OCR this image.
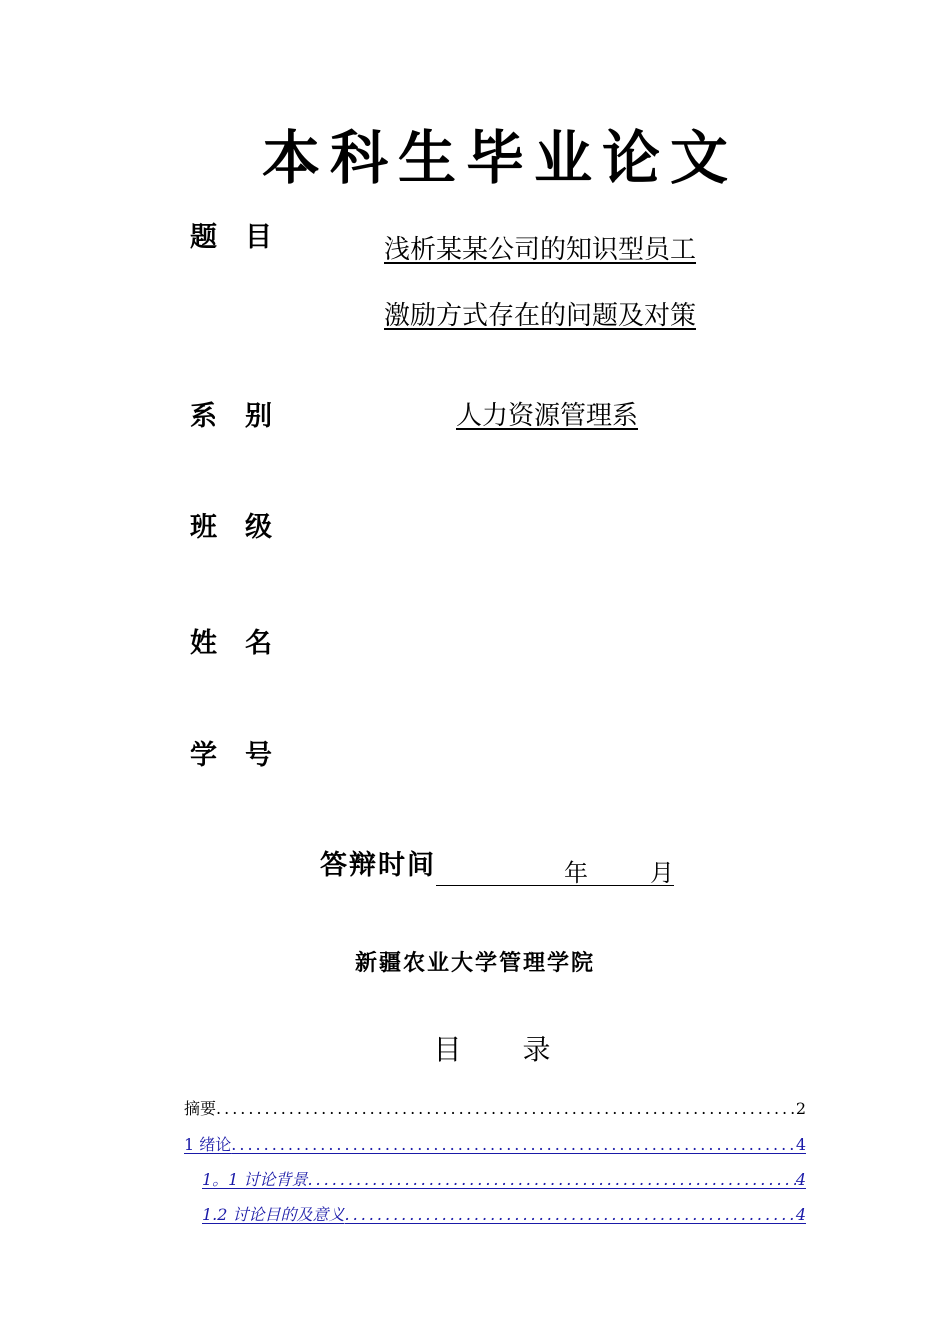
本科生毕业论文
题 目	浅析某某公司的知识型员工
激励方式存在的问题及对策
系 别	人力资源管理系
班 级
姓 名
学 号
答辩时间	年	月
新疆农业大学管理学院
目 录
摘要 .....	2
1 绪论 .....	4
1。1 讨论背景 .....	4
1.2 讨论目的及意义 .....	4
